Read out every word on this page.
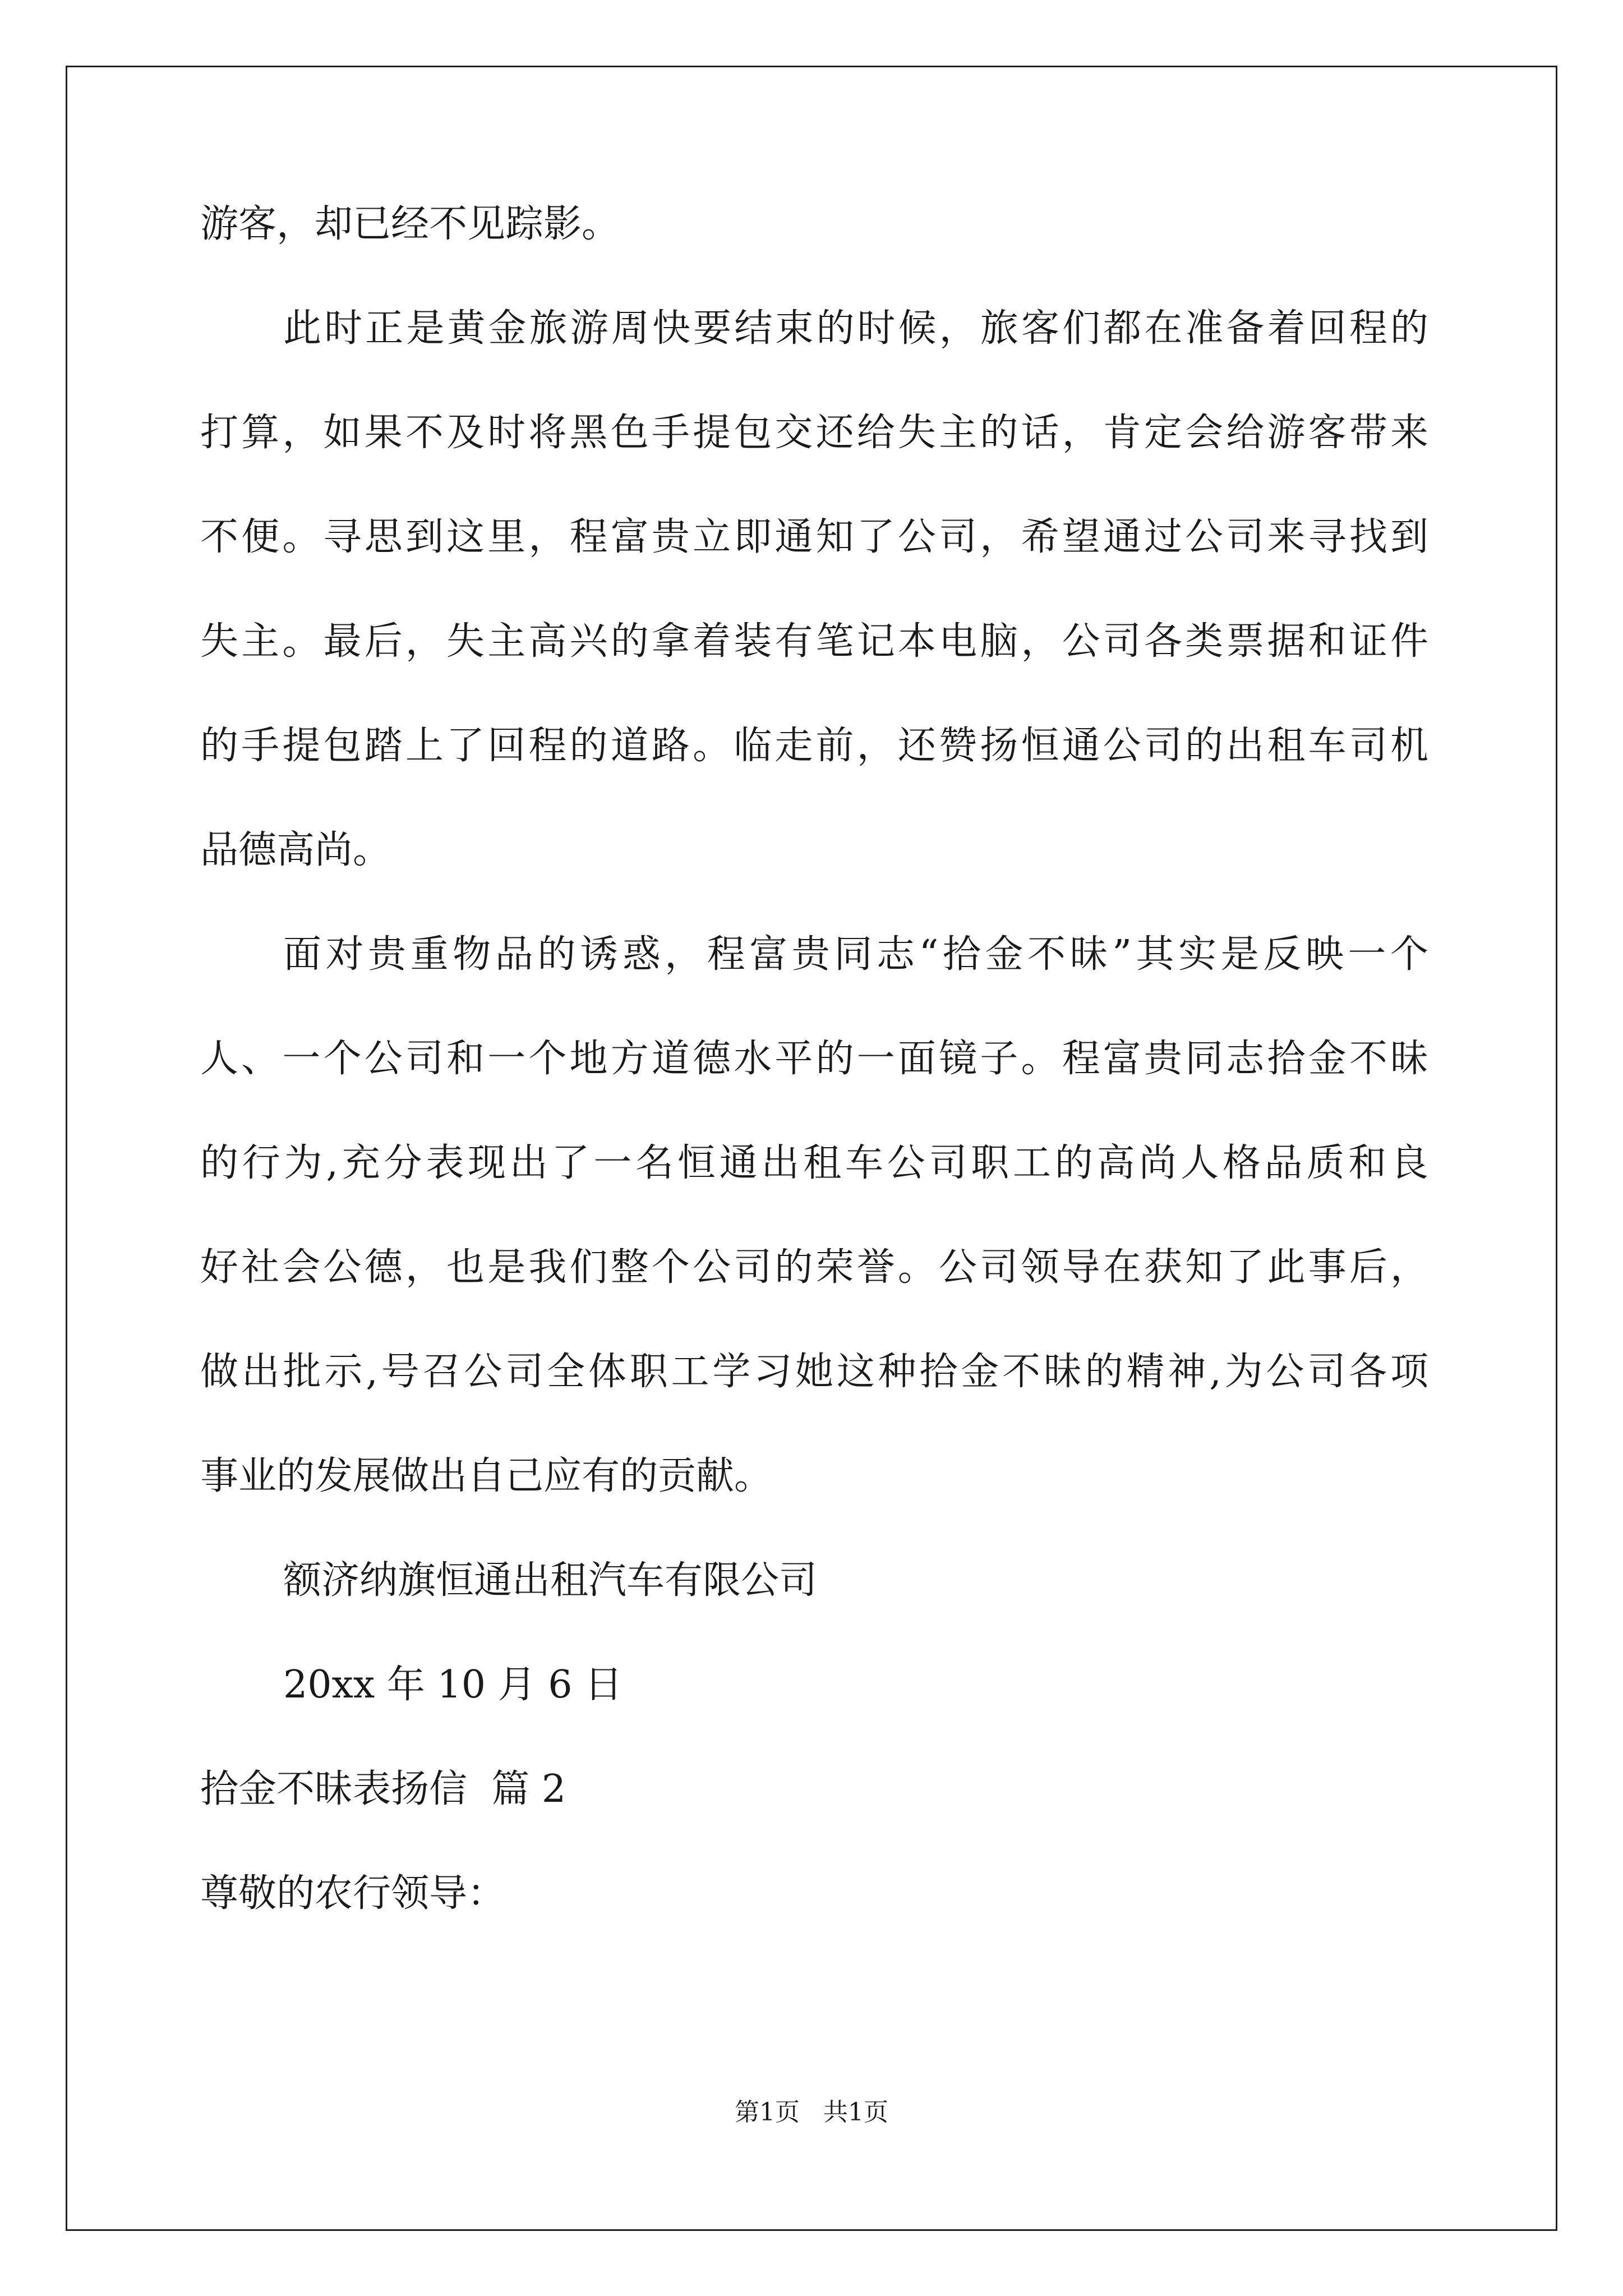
游客，却已经不见踪影。
此时正是黄金旅游周快要结束的时候，旅客们都在准备着回程的
打算，如果不及时将黑色手提包交还给失主的话，肯定会给游客带来
不便。寻思到这里，程富贵立即通知了公司，希望通过公司来寻找到
失主。最后，失主高兴的拿着装有笔记本电脑，公司各类票据和证件
的手提包踏上了回程的道路。临走前，还赞扬恒通公司的出租车司机
品德高尚。
面对贵重物品的诱惑，程富贵同志“拾金不昧”其实是反映一个
人、一个公司和一个地方道德水平的一面镜子。程富贵同志拾金不昧
的行为,充分表现出了一名恒通出租车公司职工的高尚人格品质和良
好社会公德，也是我们整个公司的荣誉。公司领导在获知了此事后，
做出批示,号召公司全体职工学习她这种拾金不昧的精神,为公司各项
事业的发展做出自己应有的贡献。
额济纳旗恒通出租汽车有限公司
20xx 年 10 月 6 日
拾金不昧表扬信  篇 2
尊敬的农行领导：
第1页   共1页
